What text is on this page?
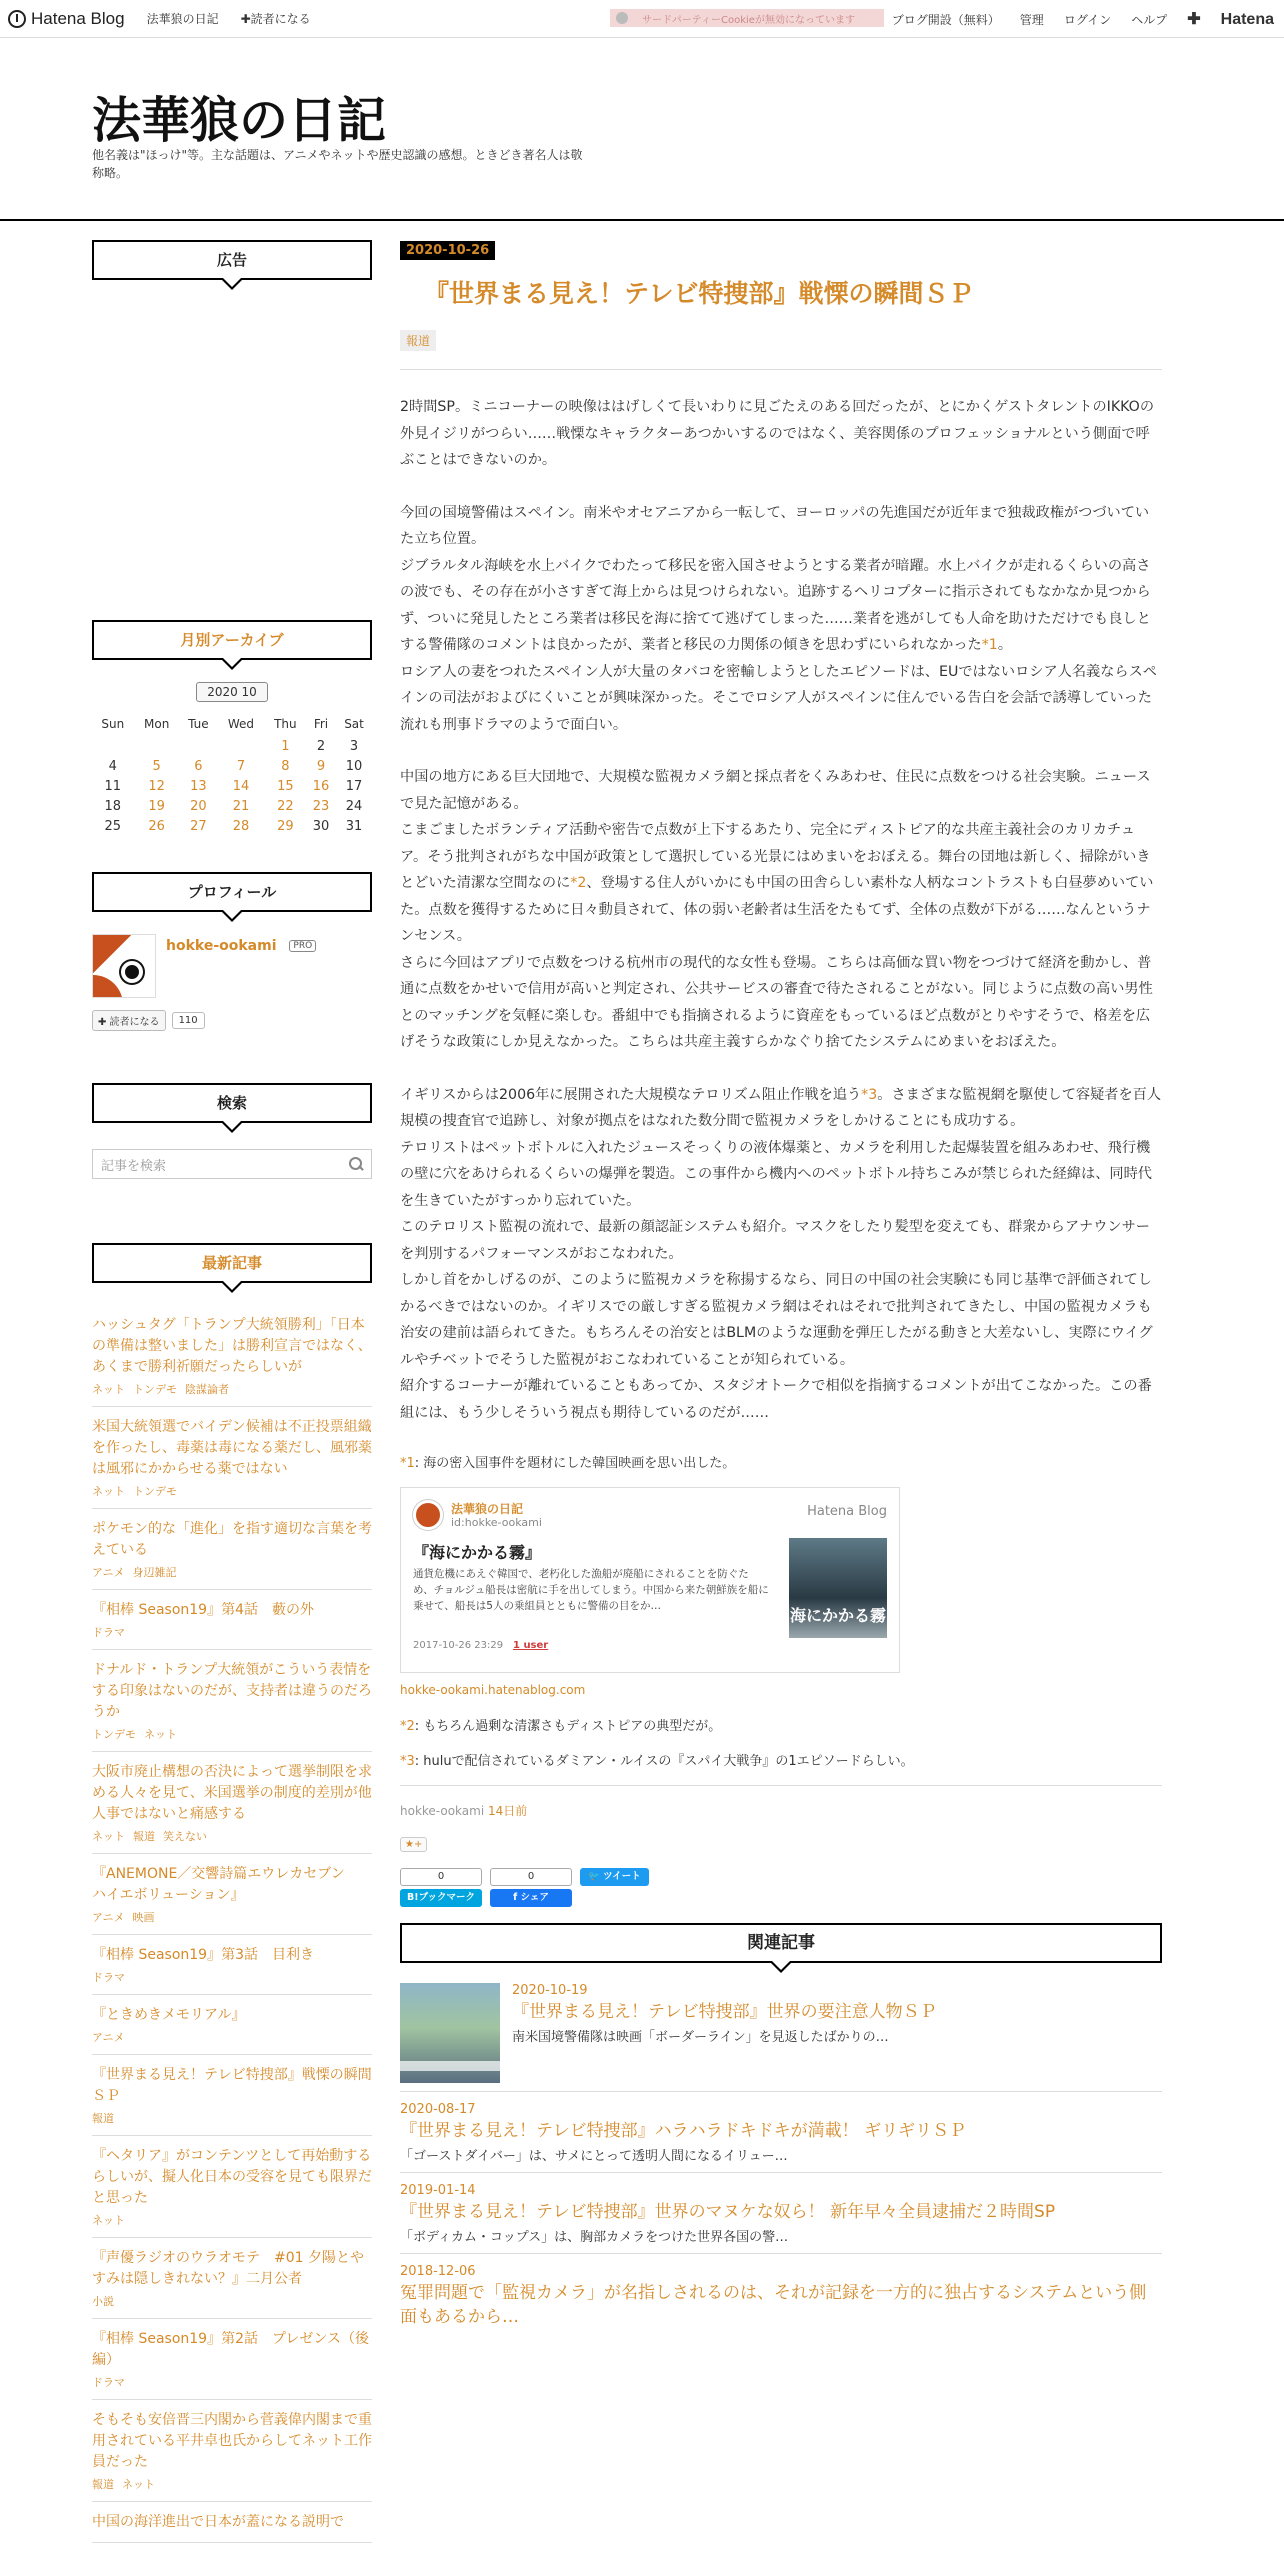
Hatena Blog 法華狼の日記 ✚読者になる	サードパーティーCookieが無効になっています	ブログ開設（無料） 管理 ログイン ヘルプ ✚ Hatena
法華狼の日記
他名義は"ほっけ"等。主な話題は、アニメやネットや歴史認識の感想。ときどき著名人は敬称略。
広告
月別アーカイブ
2020 10
Sun	Mon	Tue	Wed	Thu	Fri	Sat
				1	2	3
4	5	6	7	8	9	10
11	12	13	14	15	16	17
18	19	20	21	22	23	24
25	26	27	28	29	30	31
プロフィール
hokke-ookami PRO
✚ 読者になる	110
検索
記事を検索
最新記事
ハッシュタグ「トランプ大統領勝利」「日本の準備は整いました」は勝利宣言ではなく、あくまで勝利祈願だったらしいが
ネット トンデモ 陰謀論者
米国大統領選でバイデン候補は不正投票組織を作ったし、毒薬は毒になる薬だし、風邪薬は風邪にかからせる薬ではない
ネット トンデモ
ポケモン的な「進化」を指す適切な言葉を考えている
アニメ 身辺雑記
『相棒 Season19』第4話　藪の外
ドラマ
ドナルド・トランプ大統領がこういう表情をする印象はないのだが、支持者は違うのだろうか
トンデモ ネット
大阪市廃止構想の否決によって選挙制限を求める人々を見て、米国選挙の制度的差別が他人事ではないと痛感する
ネット 報道 笑えない
『ANEMONE／交響詩篇エウレカセブン　ハイエボリューション』
アニメ 映画
『相棒 Season19』第3話　目利き
ドラマ
『ときめきメモリアル』
アニメ
『世界まる見え！テレビ特捜部』戦慄の瞬間ＳＰ
報道
『ヘタリア』がコンテンツとして再始動するらしいが、擬人化日本の受容を見ても限界だと思った
ネット
『声優ラジオのウラオモテ　#01 夕陽とやすみは隠しきれない？』二月公者
小説
『相棒 Season19』第2話　プレゼンス（後編）
ドラマ
そもそも安倍晋三内閣から菅義偉内閣まで重用されている平井卓也氏からしてネット工作員だった
報道 ネット
中国の海洋進出で日本が蓋になる説明で
2020-10-26
『世界まる見え！テレビ特捜部』戦慄の瞬間ＳＰ
報道

2時間SP。ミニコーナーの映像ははげしくて長いわりに見ごたえのある回だったが、とにかくゲストタレントのIKKOの外見イジリがつらい……戦慄なキャラクターあつかいするのではなく、美容関係のプロフェッショナルという側面で呼ぶことはできないのか。

今回の国境警備はスペイン。南米やオセアニアから一転して、ヨーロッパの先進国だが近年まで独裁政権がつづいていた立ち位置。
ジブラルタル海峡を水上バイクでわたって移民を密入国させようとする業者が暗躍。水上バイクが走れるくらいの高さの波でも、その存在が小さすぎて海上からは見つけられない。追跡するヘリコプターに指示されてもなかなか見つからず、ついに発見したところ業者は移民を海に捨てて逃げてしまった……業者を逃がしても人命を助けただけでも良しとする警備隊のコメントは良かったが、業者と移民の力関係の傾きを思わずにいられなかった*1。
ロシア人の妻をつれたスペイン人が大量のタバコを密輸しようとしたエピソードは、EUではないロシア人名義ならスペインの司法がおよびにくいことが興味深かった。そこでロシア人がスペインに住んでいる告白を会話で誘導していった流れも刑事ドラマのようで面白い。

中国の地方にある巨大団地で、大規模な監視カメラ網と採点者をくみあわせ、住民に点数をつける社会実験。ニュースで見た記憶がある。
こまごましたボランティア活動や密告で点数が上下するあたり、完全にディストピア的な共産主義社会のカリカチュア。そう批判されがちな中国が政策として選択している光景にはめまいをおぼえる。舞台の団地は新しく、掃除がいきとどいた清潔な空間なのに*2、登場する住人がいかにも中国の田舎らしい素朴な人柄なコントラストも白昼夢めいていた。点数を獲得するために日々動員されて、体の弱い老齢者は生活をたもてず、全体の点数が下がる……なんというナンセンス。
さらに今回はアプリで点数をつける杭州市の現代的な女性も登場。こちらは高価な買い物をつづけて経済を動かし、普通に点数をかせいで信用が高いと判定され、公共サービスの審査で待たされることがない。同じように点数の高い男性とのマッチングを気軽に楽しむ。番組中でも指摘されるように資産をもっているほど点数がとりやすそうで、格差を広げそうな政策にしか見えなかった。こちらは共産主義すらかなぐり捨てたシステムにめまいをおぼえた。

イギリスからは2006年に展開された大規模なテロリズム阻止作戦を追う*3。さまざまな監視網を駆使して容疑者を百人規模の捜査官で追跡し、対象が拠点をはなれた数分間で監視カメラをしかけることにも成功する。
テロリストはペットボトルに入れたジュースそっくりの液体爆薬と、カメラを利用した起爆装置を組みあわせ、飛行機の壁に穴をあけられるくらいの爆弾を製造。この事件から機内へのペットボトル持ちこみが禁じられた経緯は、同時代を生きていたがすっかり忘れていた。
このテロリスト監視の流れで、最新の顔認証システムも紹介。マスクをしたり髪型を変えても、群衆からアナウンサーを判別するパフォーマンスがおこなわれた。
しかし首をかしげるのが、このように監視カメラを称揚するなら、同日の中国の社会実験にも同じ基準で評価されてしかるべきではないのか。イギリスでの厳しすぎる監視カメラ網はそれはそれで批判されてきたし、中国の監視カメラも治安の建前は語られてきた。もちろんその治安とはBLMのような運動を弾圧したがる動きと大差ないし、実際にウイグルやチベットでそうした監視がおこなわれていることが知られている。
紹介するコーナーが離れていることもあってか、スタジオトークで相似を指摘するコメントが出てこなかった。この番組には、もう少しそういう視点も期待しているのだが……

*1: 海の密入国事件を題材にした韓国映画を思い出した。
法華狼の日記
id:hokke-ookami
Hatena Blog
『海にかかる霧』
通貨危機にあえぐ韓国で、老朽化した漁船が廃船にされることを防ぐため、チョルジュ船長は密航に手を出してしまう。中国から来た朝鮮族を船に乗せて、船長は5人の乗組員とともに警備の目をか…	海にかかる霧
2017-10-26 23:29 1 user
hokke-ookami.hatenablog.com
*2: もちろん過剰な清潔さもディストピアの典型だが。
*3: huluで配信されているダミアン・ルイスの『スパイ大戦争』の1エピソードらしい。
hokke-ookami 14日前
★+
0
B!ブックマーク
0
f シェア
🐦 ツイート
関連記事
2020-10-19
『世界まる見え！テレビ特捜部』世界の要注意人物ＳＰ
南米国境警備隊は映画「ボーダーライン」を見返したばかりの…
2020-08-17
『世界まる見え！テレビ特捜部』ハラハラドキドキが満載！ ギリギリＳＰ
「ゴーストダイバー」は、サメにとって透明人間になるイリュー…
2019-01-14
『世界まる見え！テレビ特捜部』世界のマヌケな奴ら！ 新年早々全員逮捕だ２時間SP
「ボディカム・コップス」は、胸部カメラをつけた世界各国の警…
2018-12-06
冤罪問題で「監視カメラ」が名指しされるのは、それが記録を一方的に独占するシステムという側面もあるから…
